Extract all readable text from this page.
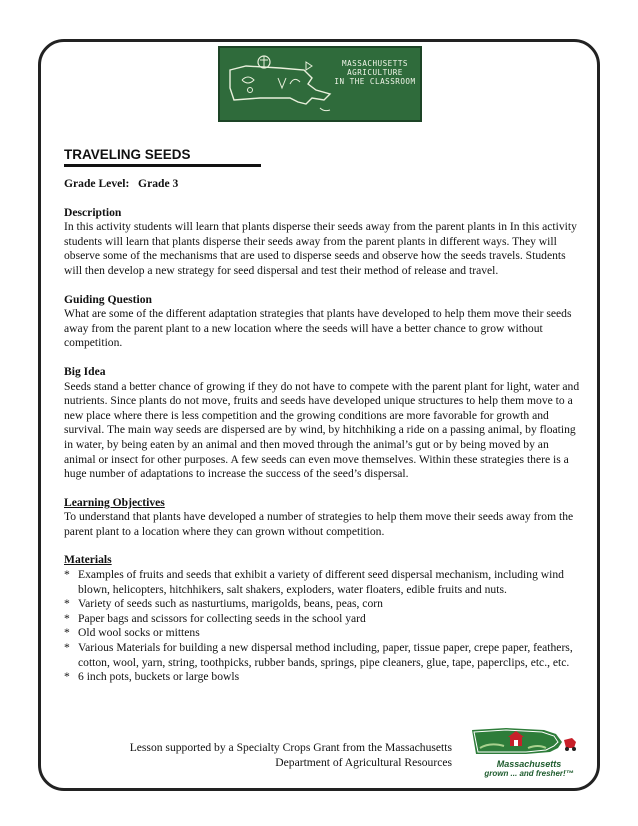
MASSACHUSETTS
AGRICULTURE
IN THE CLASSROOM
TRAVELING SEEDS

Grade Level:   Grade 3

Description

In this activity students will learn that plants disperse their seeds away from the parent plants in In this activity students will learn that plants disperse their seeds away from the parent plants in different ways. They will observe some of the mechanisms that are used to disperse seeds and observe how the seeds travels. Students will then develop a new strategy for seed dispersal and test their method of release and travel.

Guiding Question

What are some of the different adaptation strategies that plants have developed to help them move their seeds away from the parent plant to a new location where the seeds will have a better chance to grow without competition.

Big Idea

Seeds stand a better chance of growing if they do not have to compete with the parent plant for light, water and nutrients. Since plants do not move, fruits and seeds have developed unique structures to help them move to a new place where there is less competition and the growing conditions are more favorable for growth and survival. The main way seeds are dispersed are by wind, by hitchhiking a ride on a passing animal, by floating in water, by being eaten by an animal and then moved through the animal’s gut or by being moved by an animal or insect for other purposes. A few seeds can even move themselves. Within these strategies there is a huge number of adaptations to increase the success of the seed’s dispersal.

Learning Objectives

To understand that plants have developed a number of strategies to help them move their seeds away from the parent plant to a location where they can grown without competition.

Materials

* Examples of fruits and seeds that exhibit a variety of different seed dispersal mechanism, including wind blown, helicopters, hitchhikers, salt shakers, exploders, water floaters, edible fruits and nuts.
* Variety of seeds such as nasturtiums, marigolds, beans, peas, corn
* Paper bags and scissors for collecting seeds in the school yard
* Old wool socks or mittens
* Various Materials for building a new dispersal method including, paper, tissue paper, crepe paper, feathers, cotton, wool, yarn, string, toothpicks, rubber bands, springs, pipe cleaners, glue, tape, paperclips, etc., etc.
* 6 inch pots, buckets or large bowls
Lesson supported by a Specialty Crops Grant from the Massachusetts
Department of Agricultural Resources	Massachusetts
grown ... and fresher!™
